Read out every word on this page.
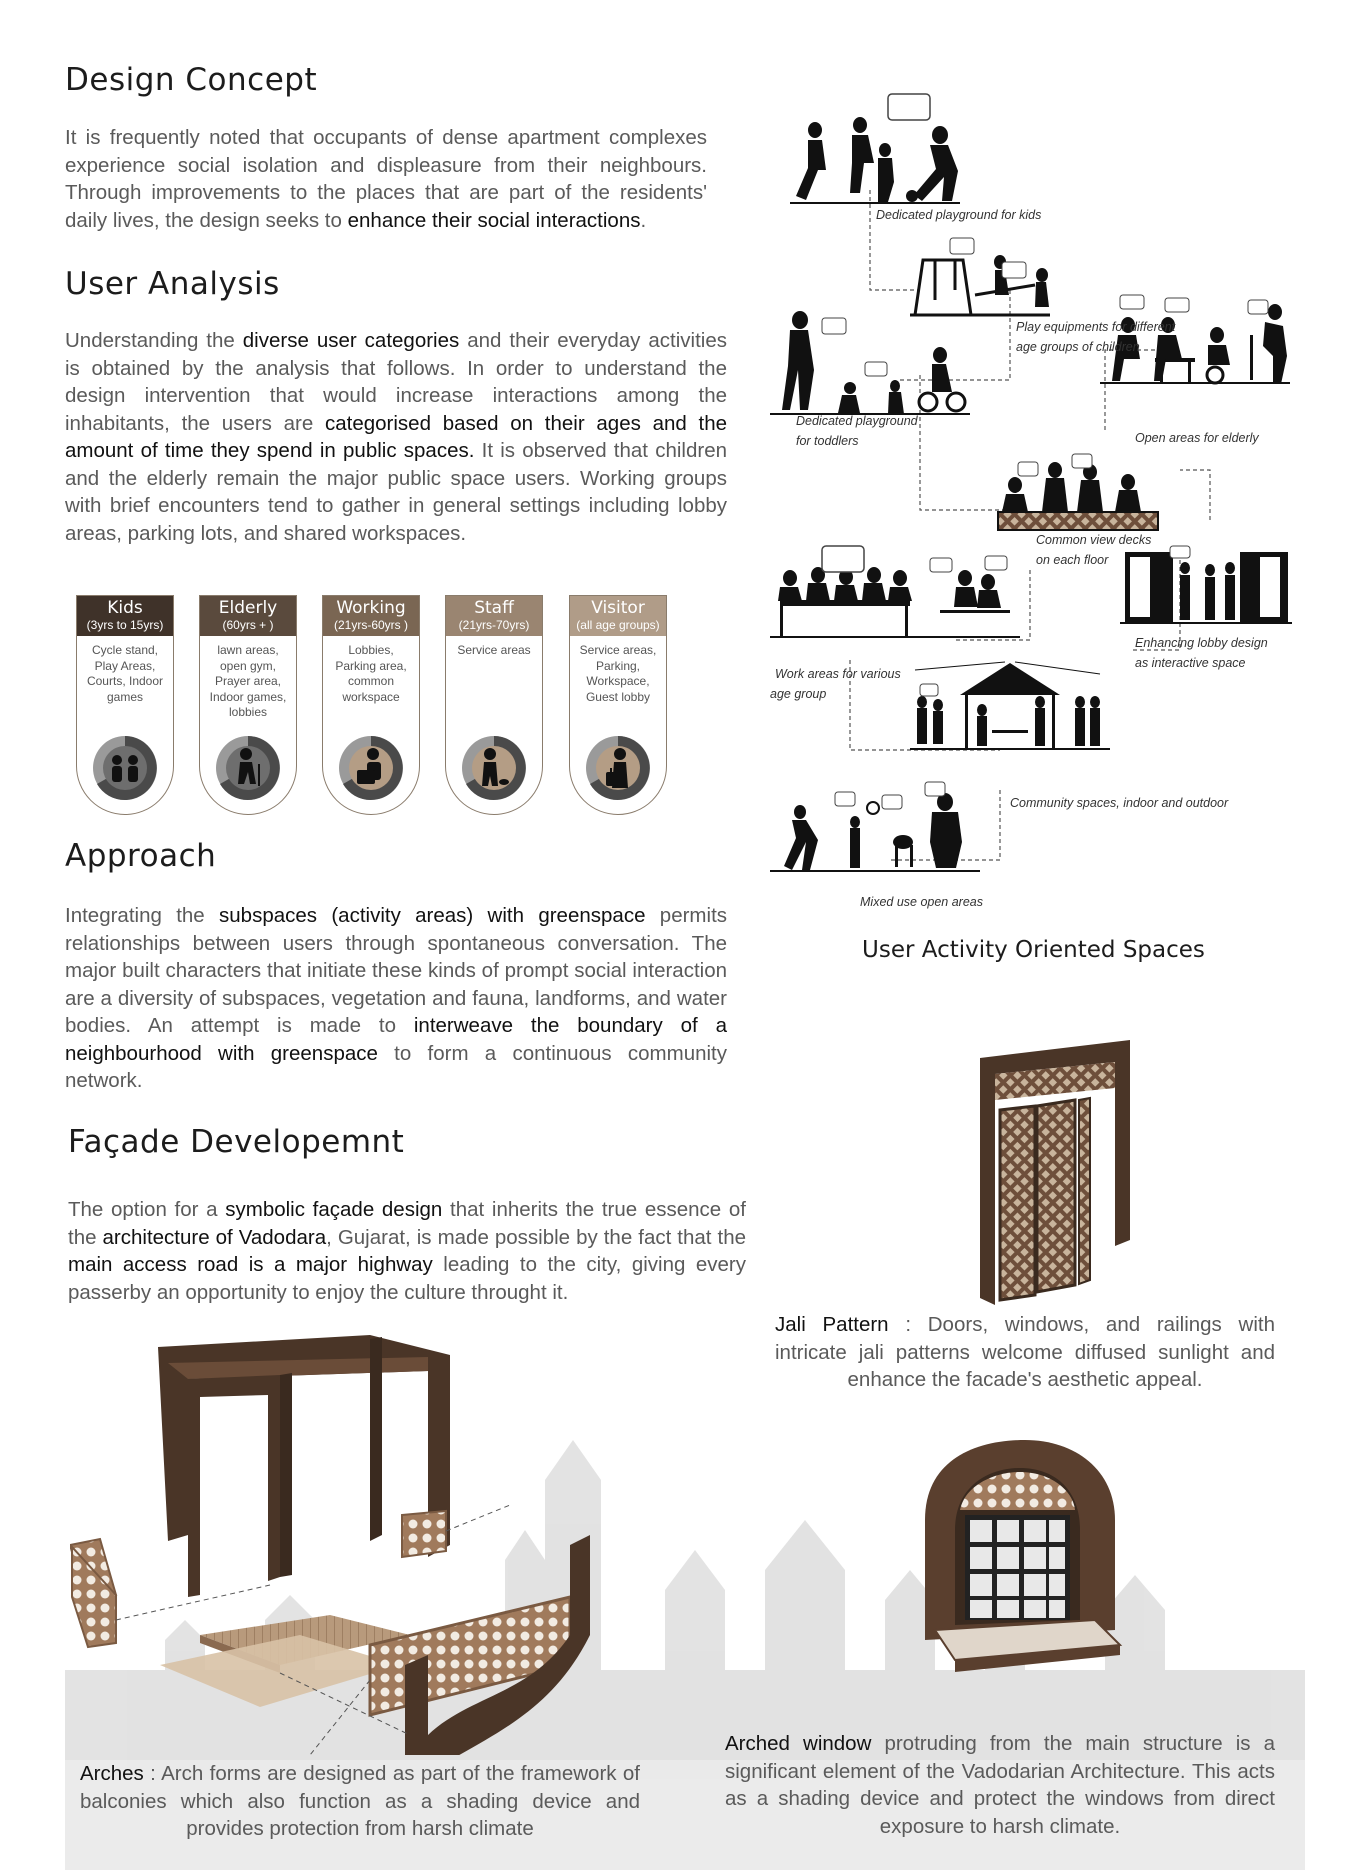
Design Concept

It is frequently noted that occupants of dense apartment complexes experience social isolation and displeasure from their neighbours. Through improvements to the places that are part of the residents' daily lives, the design seeks to enhance their social interactions.

User Analysis

Understanding the diverse user categories and their everyday activities is obtained by the analysis that follows. In order to understand the design intervention that would increase interactions among the inhabitants, the users are categorised based on their ages and the amount of time they spend in public spaces. It is observed that children and the elderly remain the major public space users. Working groups with brief encounters tend to gather in general settings including lobby areas, parking lots, and shared workspaces.

Kids
(3yrs to 15yrs)
Cycle stand, Play Areas, Courts, Indoor games
Elderly
(60yrs + )
lawn areas, open gym, Prayer area, Indoor games, lobbies
Working
(21yrs-60yrs )
Lobbies, Parking area, common workspace
Staff
(21yrs-70yrs)
Service areas
Visitor
(all age groups)
Service areas, Parking, Workspace, Guest lobby
Approach

Integrating the subspaces (activity areas) with greenspace permits relationships between users through spontaneous conversation. The major built characters that initiate these kinds of prompt social interaction are a diversity of subspaces, vegetation and fauna, landforms, and water bodies. An attempt is made to interweave the boundary of a neighbourhood with greenspace to form a continuous community network.

Façade Developemnt

The option for a symbolic façade design that inherits the true essence of the architecture of Vadodara, Gujarat, is made possible by the fact that the main access road is a major highway leading to the city, giving every passerby an opportunity to enjoy the culture throught it.

Dedicated playground for kids
Play equipments for different
age groups of children
Dedicated playground
for toddlers	Open areas for elderly
Common view decks
on each floor
Enhancing lobby design
as interactive space
Work areas for various
age group
Community spaces, indoor and outdoor
Mixed use open areas
User Activity Oriented Spaces

Jali Pattern : Doors, windows, and railings with intricate jali patterns welcome diffused sunlight and enhance the facade's aesthetic appeal.

Arched window protruding from the main structure is a significant element of the Vadodarian Architecture. This acts as a shading device and protect the windows from direct exposure to harsh climate.

Arches : Arch forms are designed as part of the framework of balconies which also function as a shading device and provides protection from harsh climate
